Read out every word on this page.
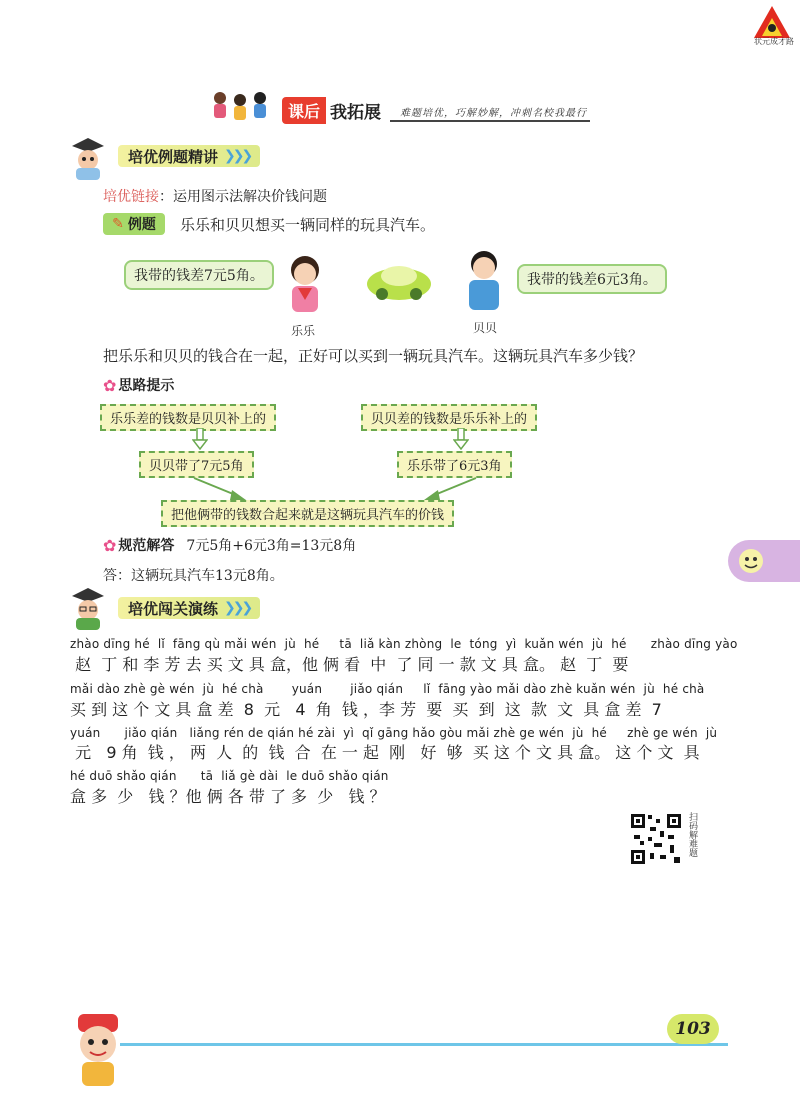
状元成才路
课后 我拓展	难题培优，巧解妙解，冲刺名校我最行
培优例题精讲 ❯❯❯
培优链接：运用图示法解决价钱问题
✎ 例题 乐乐和贝贝想买一辆同样的玩具汽车。
我带的钱差7元5角。	我带的钱差6元3角。
乐乐	贝贝
把乐乐和贝贝的钱合在一起，正好可以买到一辆玩具汽车。这辆玩具汽车多少钱？
✿ 思路提示
乐乐差的钱数是贝贝补上的	贝贝差的钱数是乐乐补上的
贝贝带了7元5角	乐乐带了6元3角
把他俩带的钱数合起来就是这辆玩具汽车的价钱
✿ 规范解答 7元5角+6元3角=13元8角
答：这辆玩具汽车13元8角。
培优闯关演练 ❯❯❯
zhào dīng hé  lǐ  fāng qù mǎi wén  jù  hé     tā  liǎ kàn zhòng  le  tóng  yì  kuǎn wén  jù  hé      zhào dīng yào
赵  丁 和 李 芳 去 买 文 具 盒，他 俩 看  中  了 同 一 款 文 具 盒。 赵  丁  要
mǎi dào zhè gè wén  jù  hé chà       yuán       jiǎo qián     lǐ  fāng yào mǎi dào zhè kuǎn wén  jù  hé chà
买 到 这 个 文 具 盒 差  8  元   4  角  钱 ，李 芳  要  买  到  这  款  文  具 盒 差  7
yuán      jiǎo qián   liǎng rén de qián hé zài  yì  qǐ gāng hǎo gòu mǎi zhè ge wén  jù  hé     zhè ge wén  jù
元   9 角  钱 ， 两  人  的  钱  合  在 一 起  刚   好  够  买 这 个 文 具 盒。 这 个 文  具
hé duō shǎo qián      tā  liǎ gè dài  le duō shǎo qián
盒 多  少   钱 ？他 俩 各 带 了 多  少   钱 ？
扫码解难题
103
